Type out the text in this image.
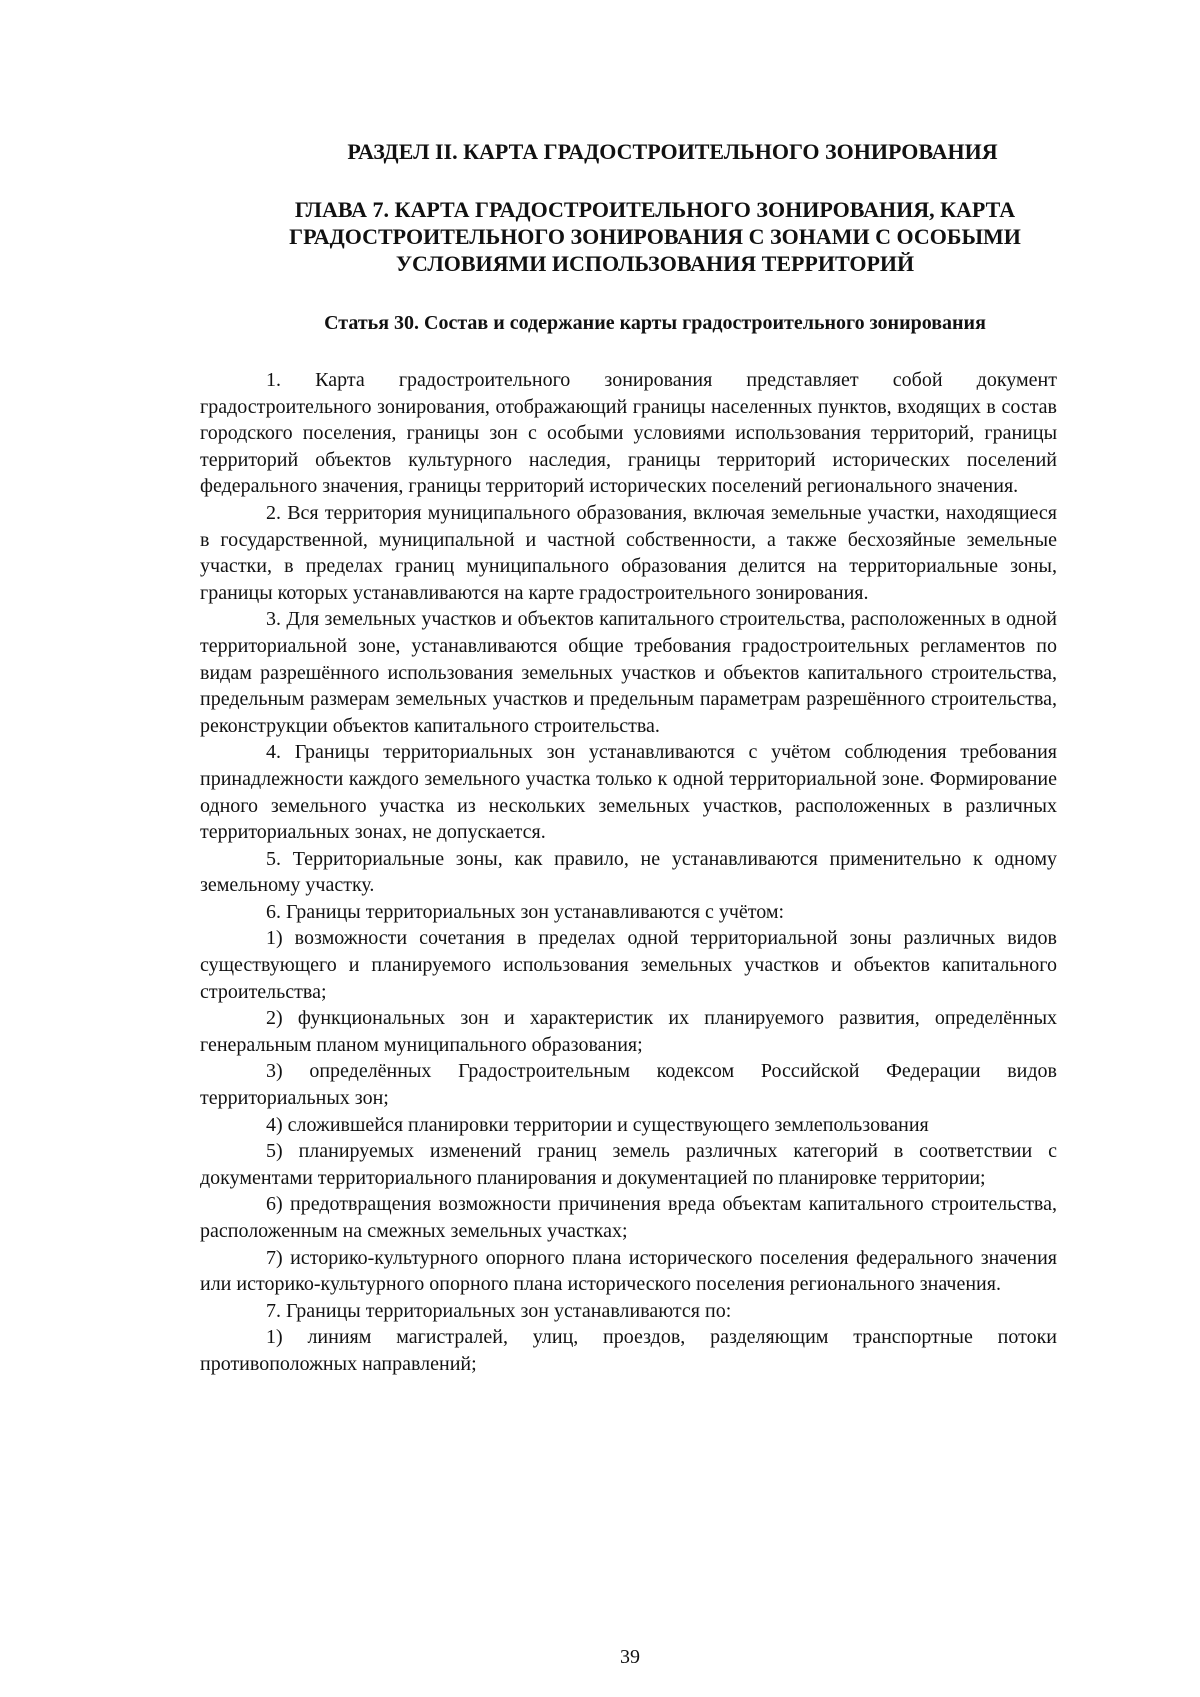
РАЗДЕЛ II. КАРТА ГРАДОСТРОИТЕЛЬНОГО ЗОНИРОВАНИЯ
ГЛАВА 7. КАРТА ГРАДОСТРОИТЕЛЬНОГО ЗОНИРОВАНИЯ, КАРТА
ГРАДОСТРОИТЕЛЬНОГО ЗОНИРОВАНИЯ С ЗОНАМИ С ОСОБЫМИ
УСЛОВИЯМИ ИСПОЛЬЗОВАНИЯ ТЕРРИТОРИЙ
Статья 30. Состав и содержание карты градостроительного зонирования

1. Карта градостроительного зонирования представляет собой документ градостроительного зонирования, отображающий границы населенных пунктов, входящих в состав городского поселения, границы зон с особыми условиями использования территорий, границы территорий объектов культурного наследия, границы территорий исторических поселений федерального значения, границы территорий исторических поселений регионального значения.

2. Вся территория муниципального образования, включая земельные участки, находящиеся в государственной, муниципальной и частной собственности, а также бесхозяйные земельные участки, в пределах границ муниципального образования делится на территориальные зоны, границы которых устанавливаются на карте градостроительного зонирования.

3. Для земельных участков и объектов капитального строительства, расположенных в одной территориальной зоне, устанавливаются общие требования градостроительных регламентов по видам разрешённого использования земельных участков и объектов капитального строительства, предельным размерам земельных участков и предельным параметрам разрешённого строительства, реконструкции объектов капитального строительства.

4. Границы территориальных зон устанавливаются с учётом соблюдения требования принадлежности каждого земельного участка только к одной территориальной зоне. Формирование одного земельного участка из нескольких земельных участков, расположенных в различных территориальных зонах, не допускается.

5. Территориальные зоны, как правило, не устанавливаются применительно к одному земельному участку.

6. Границы территориальных зон устанавливаются с учётом:

1) возможности сочетания в пределах одной территориальной зоны различных видов существующего и планируемого использования земельных участков и объектов капитального строительства;

2) функциональных зон и характеристик их планируемого развития, определённых генеральным планом муниципального образования;

3) определённых Градостроительным кодексом Российской Федерации видов территориальных зон;

4) сложившейся планировки территории и существующего землепользования

5) планируемых изменений границ земель различных категорий в соответствии с документами территориального планирования и документацией по планировке территории;

6) предотвращения возможности причинения вреда объектам капитального строительства, расположенным на смежных земельных участках;

7) историко-культурного опорного плана исторического поселения федерального значения или историко-культурного опорного плана исторического поселения регионального значения.

7. Границы территориальных зон устанавливаются по:

1) линиям магистралей, улиц, проездов, разделяющим транспортные потоки противоположных направлений;

39
